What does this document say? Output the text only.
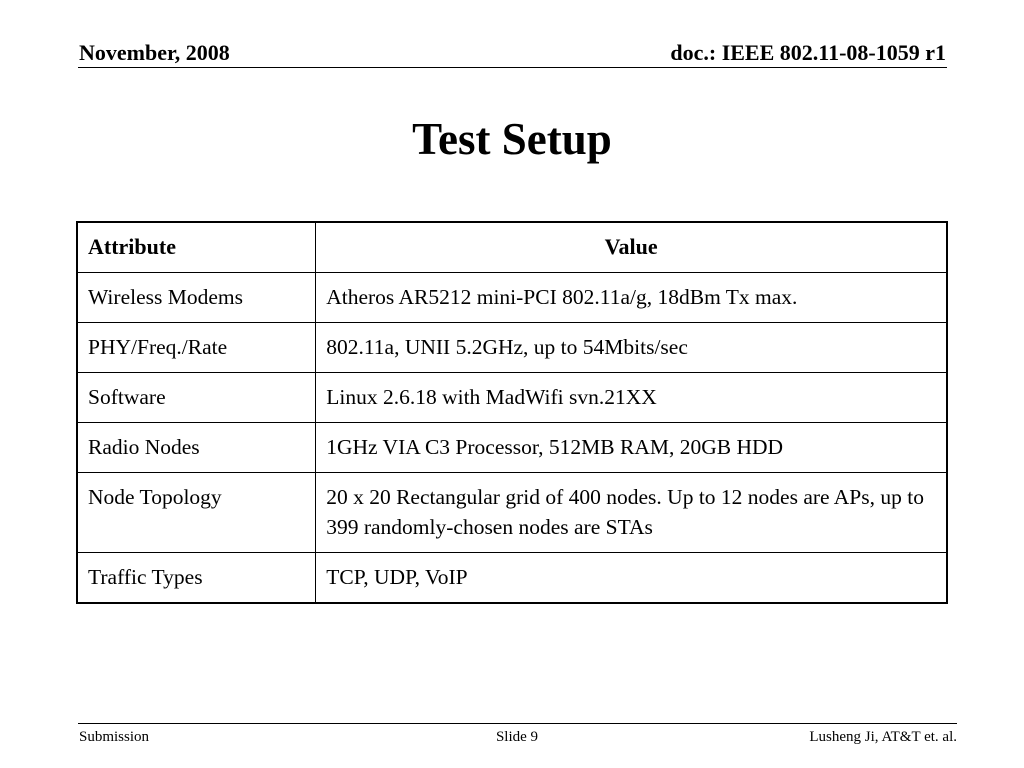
November, 2008	doc.: IEEE 802.11-08-1059 r1
Test Setup
Attribute	Value
Wireless Modems	Atheros AR5212 mini-PCI 802.11a/g, 18dBm Tx max.
PHY/Freq./Rate	802.11a, UNII 5.2GHz, up to 54Mbits/sec
Software	Linux 2.6.18 with MadWifi svn.21XX
Radio Nodes	1GHz VIA C3 Processor, 512MB RAM, 20GB HDD
Node Topology	20 x 20 Rectangular grid of 400 nodes. Up to 12 nodes are APs, up to 399 randomly-chosen nodes are STAs
Traffic Types	TCP, UDP, VoIP
Submission	Slide 9	Lusheng Ji, AT&T et. al.
